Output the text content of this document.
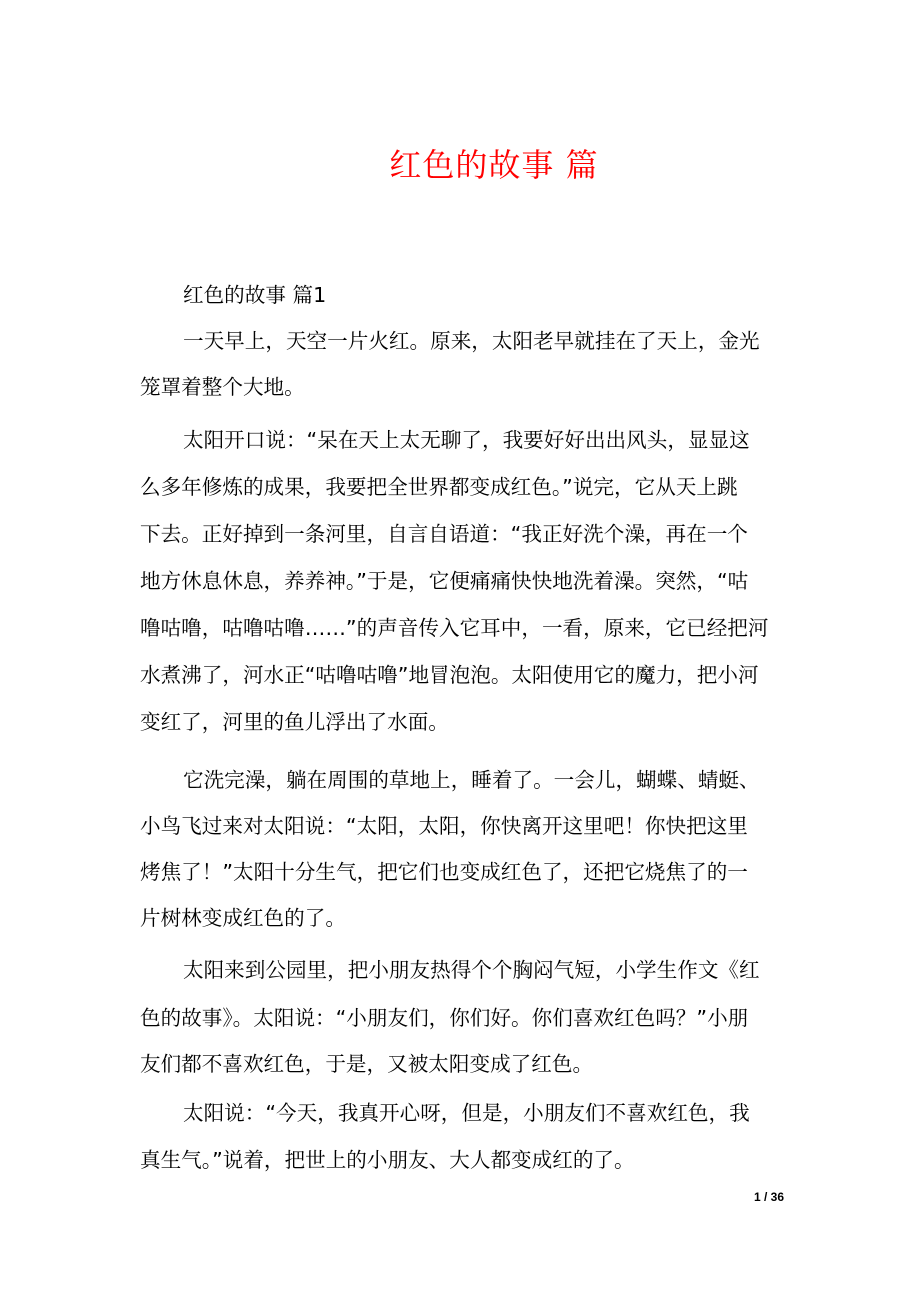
红色的故事 篇
红色的故事 篇1
一天早上，天空一片火红。原来，太阳老早就挂在了天上，金光
笼罩着整个大地。
太阳开口说：“呆在天上太无聊了，我要好好出出风头，显显这
么多年修炼的成果，我要把全世界都变成红色。”说完，它从天上跳
下去。正好掉到一条河里，自言自语道：“我正好洗个澡，再在一个
地方休息休息，养养神。”于是，它便痛痛快快地洗着澡。突然，“咕
噜咕噜，咕噜咕噜……”的声音传入它耳中，一看，原来，它已经把河
水煮沸了，河水正“咕噜咕噜”地冒泡泡。太阳使用它的魔力，把小河
变红了，河里的鱼儿浮出了水面。
它洗完澡，躺在周围的草地上，睡着了。一会儿，蝴蝶、蜻蜓、
小鸟飞过来对太阳说：“太阳，太阳，你快离开这里吧！你快把这里
烤焦了！”太阳十分生气，把它们也变成红色了，还把它烧焦了的一
片树林变成红色的了。
太阳来到公园里，把小朋友热得个个胸闷气短，小学生作文《红
色的故事》。太阳说：“小朋友们，你们好。你们喜欢红色吗？”小朋
友们都不喜欢红色，于是，又被太阳变成了红色。
太阳说：“今天，我真开心呀，但是，小朋友们不喜欢红色，我
真生气。”说着，把世上的小朋友、大人都变成红的了。
1 / 36
